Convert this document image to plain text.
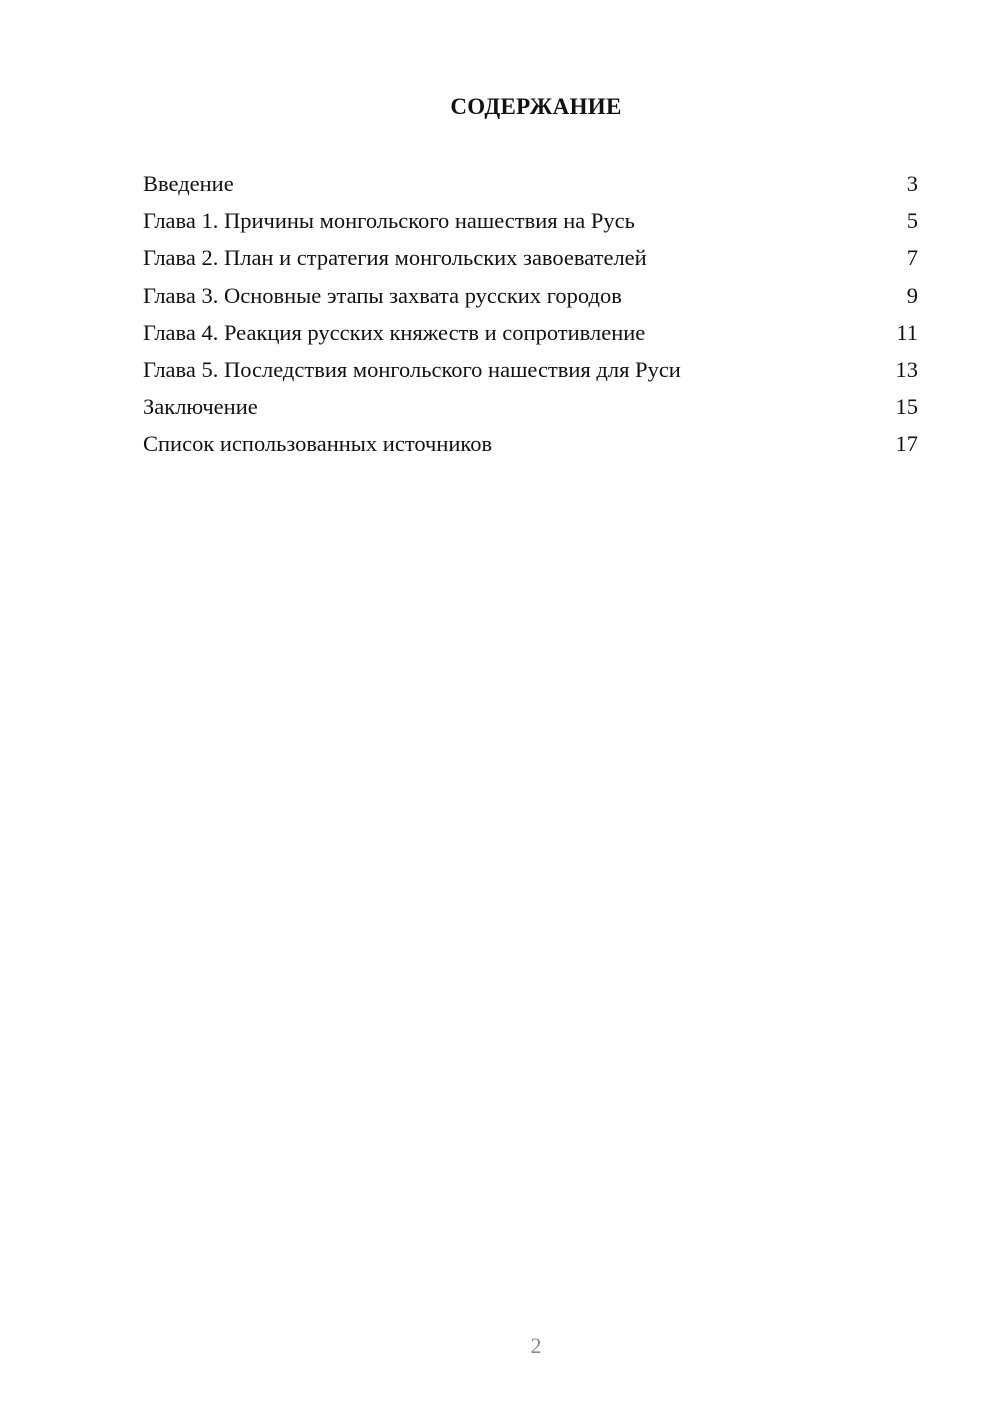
СОДЕРЖАНИЕ
Введение	3
Глава 1. Причины монгольского нашествия на Русь	5
Глава 2. План и стратегия монгольских завоевателей	7
Глава 3. Основные этапы захвата русских городов	9
Глава 4. Реакция русских княжеств и сопротивление	11
Глава 5. Последствия монгольского нашествия для Руси	13
Заключение	15
Список использованных источников	17
2
